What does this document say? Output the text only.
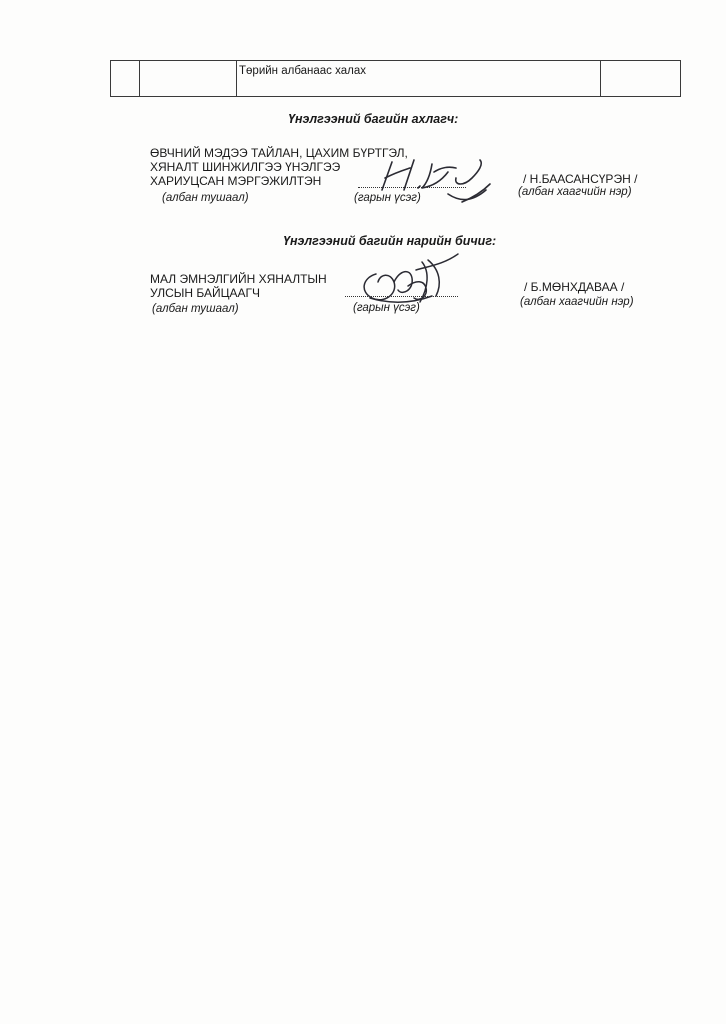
Төрийн албанаас халах
Үнэлгээний багийн ахлагч:
ӨВЧНИЙ МЭДЭЭ ТАЙЛАН, ЦАХИМ БҮРТГЭЛ,
ХЯНАЛТ ШИНЖИЛГЭЭ ҮНЭЛГЭЭ
ХАРИУЦСАН МЭРГЭЖИЛТЭН	/ Н.БААСАНСҮРЭН /
(албан тушаал)	(гарын үсэг)	(албан хаагчийн нэр)
Үнэлгээний багийн нарийн бичиг:
МАЛ ЭМНЭЛГИЙН ХЯНАЛТЫН
УЛСЫН БАЙЦААГЧ	/ Б.МӨНХДАВАА /
(албан тушаал)	(гарын үсэг)	(албан хаагчийн нэр)
